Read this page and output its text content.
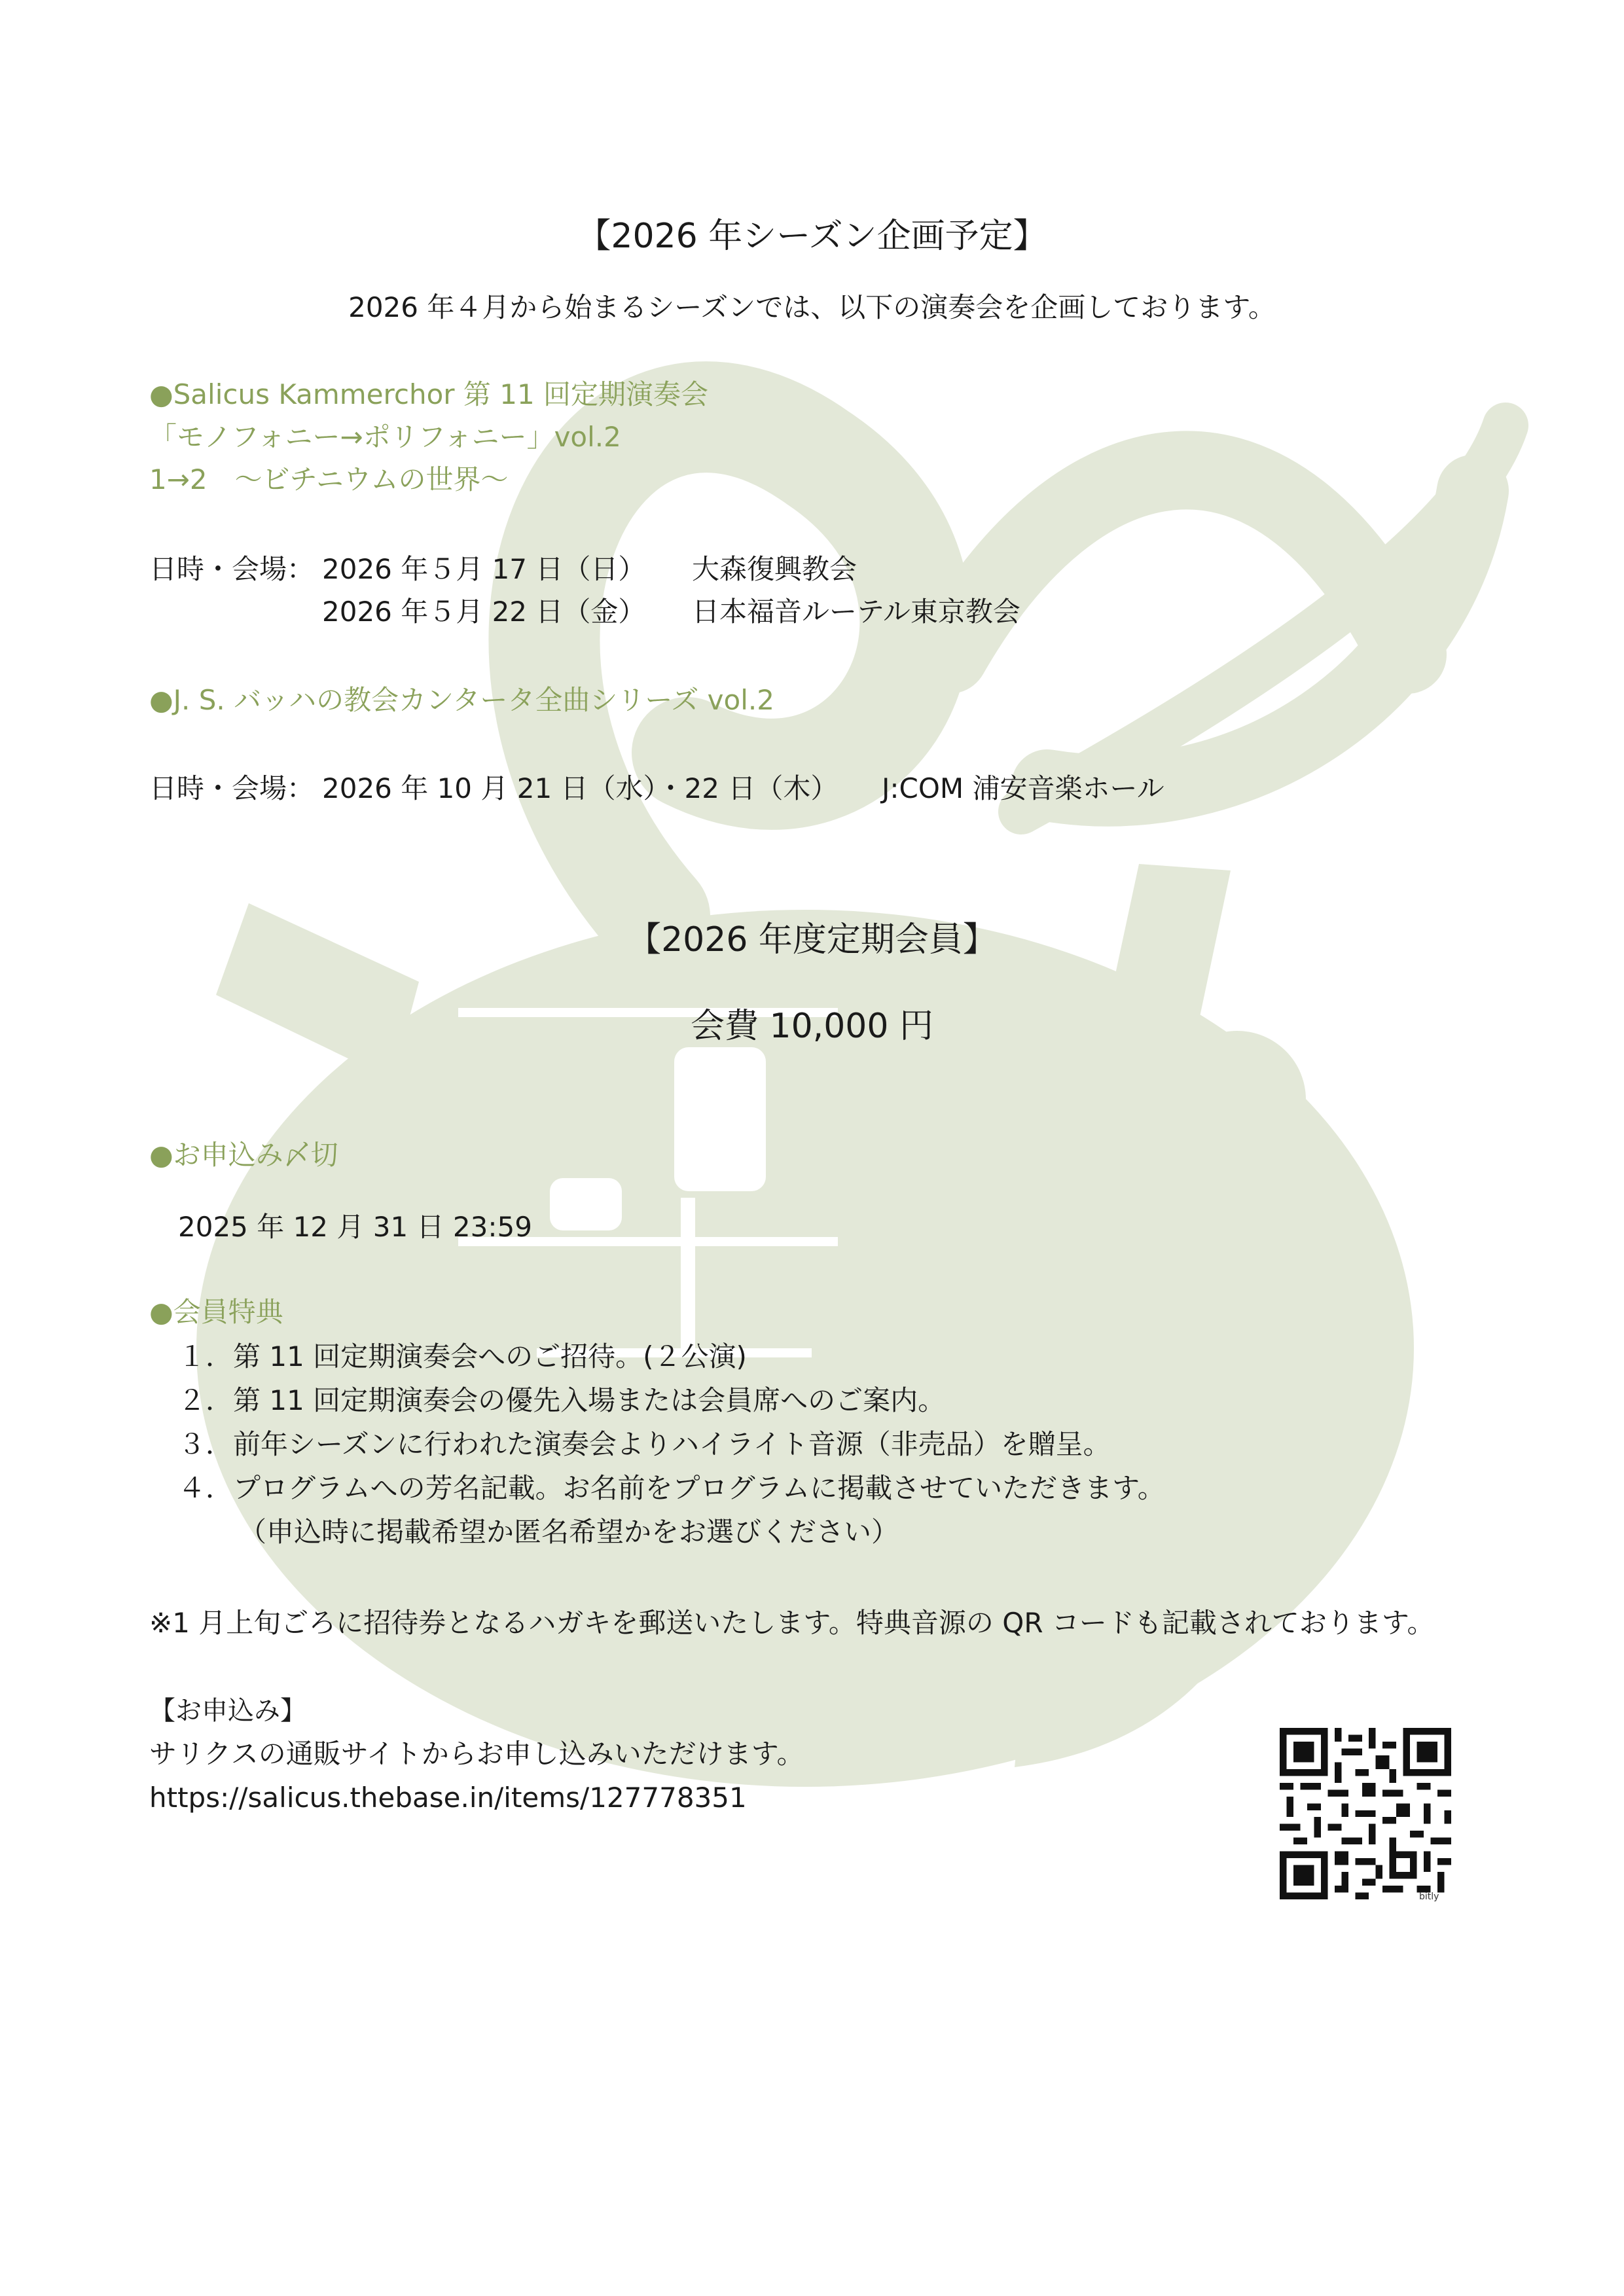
【2026 年シーズン企画予定】

2026 年４月から始まるシーズンでは、以下の演奏会を企画しております。

●Salicus Kammerchor 第 11 回定期演奏会

「モノフォニー→ポリフォニー」vol.2

1→2　～ビチニウムの世界～

日時・会場： 2026 年５月 17 日（日） 大森復興教会

2026 年５月 22 日（金） 日本福音ルーテル東京教会

●J. S. バッハの教会カンタータ全曲シリーズ vol.2

日時・会場： 2026 年 10 月 21 日（水）・22 日（木） J:COM 浦安音楽ホール

【2026 年度定期会員】

会費 10,000 円

●お申込み〆切

2025 年 12 月 31 日 23:59

●会員特典

１．第 11 回定期演奏会へのご招待。(２公演)

２．第 11 回定期演奏会の優先入場または会員席へのご案内。

３．前年シーズンに行われた演奏会よりハイライト音源（非売品）を贈呈。

４．プログラムへの芳名記載。お名前をプログラムに掲載させていただきます。

（申込時に掲載希望か匿名希望かをお選びください）

※1 月上旬ごろに招待券となるハガキを郵送いたします。特典音源の QR コードも記載されております。

【お申込み】

サリクスの通販サイトからお申し込みいただけます。

https://salicus.thebase.in/items/127778351

bitly
